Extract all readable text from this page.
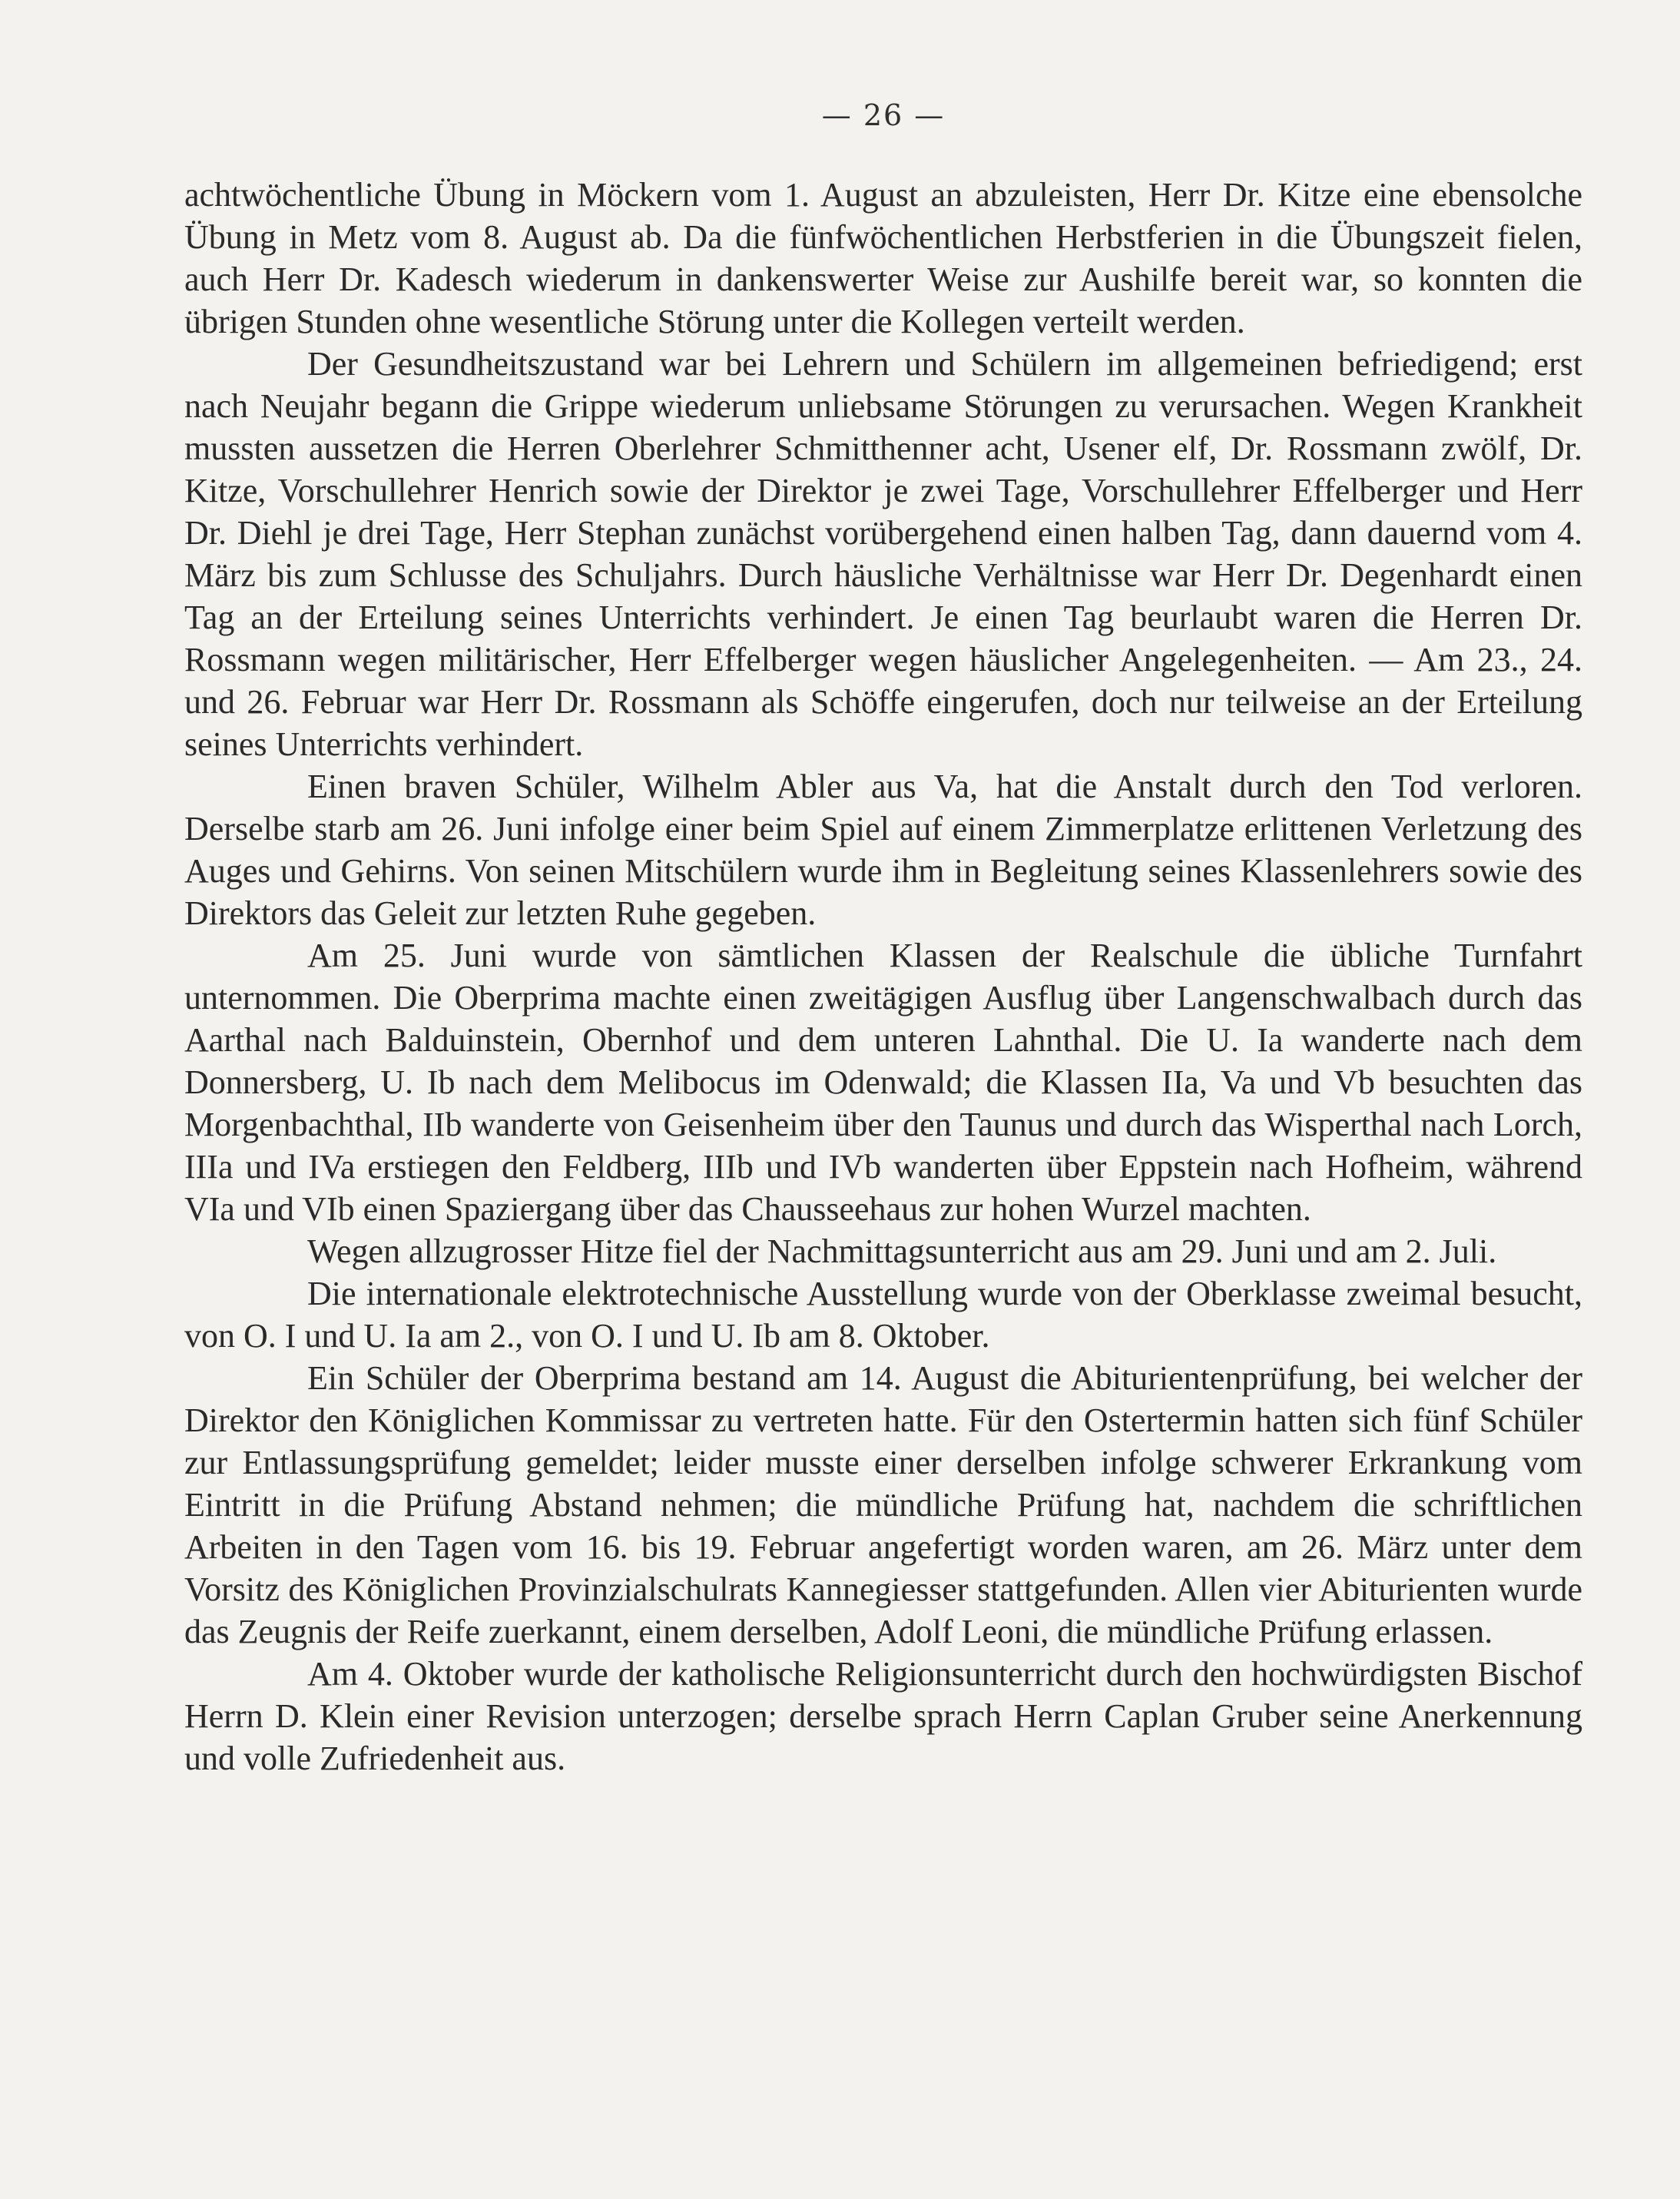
— 26 —

achtwöchentliche Übung in Möckern vom 1. August an abzuleisten, Herr Dr. Kitze eine ebensolche Übung in Metz vom 8. August ab. Da die fünfwöchentlichen Herbstferien in die Übungszeit fielen, auch Herr Dr. Kadesch wiederum in dankenswerter Weise zur Aushilfe bereit war, so konnten die übrigen Stunden ohne wesentliche Störung unter die Kollegen verteilt werden.

Der Gesundheitszustand war bei Lehrern und Schülern im allgemeinen befriedigend; erst nach Neujahr begann die Grippe wiederum unliebsame Störungen zu verursachen. Wegen Krankheit mussten aussetzen die Herren Oberlehrer Schmitthenner acht, Usener elf, Dr. Rossmann zwölf, Dr. Kitze, Vorschullehrer Henrich sowie der Direktor je zwei Tage, Vorschullehrer Effelberger und Herr Dr. Diehl je drei Tage, Herr Stephan zunächst vorübergehend einen halben Tag, dann dauernd vom 4. März bis zum Schlusse des Schuljahrs. Durch häusliche Verhältnisse war Herr Dr. Degenhardt einen Tag an der Erteilung seines Unterrichts verhindert. Je einen Tag beurlaubt waren die Herren Dr. Rossmann wegen militärischer, Herr Effelberger wegen häuslicher Angelegenheiten. — Am 23., 24. und 26. Februar war Herr Dr. Rossmann als Schöffe eingerufen, doch nur teilweise an der Erteilung seines Unterrichts verhindert.

Einen braven Schüler, Wilhelm Abler aus Va, hat die Anstalt durch den Tod verloren. Derselbe starb am 26. Juni infolge einer beim Spiel auf einem Zimmerplatze erlittenen Verletzung des Auges und Gehirns. Von seinen Mitschülern wurde ihm in Begleitung seines Klassenlehrers sowie des Direktors das Geleit zur letzten Ruhe gegeben.

Am 25. Juni wurde von sämtlichen Klassen der Realschule die übliche Turnfahrt unternommen. Die Oberprima machte einen zweitägigen Ausflug über Langenschwalbach durch das Aarthal nach Balduinstein, Obernhof und dem unteren Lahnthal. Die U. Ia wanderte nach dem Donnersberg, U. Ib nach dem Melibocus im Odenwald; die Klassen IIa, Va und Vb besuchten das Morgenbachthal, IIb wanderte von Geisenheim über den Taunus und durch das Wisperthal nach Lorch, IIIa und IVa erstiegen den Feldberg, IIIb und IVb wanderten über Eppstein nach Hofheim, während VIa und VIb einen Spaziergang über das Chausseehaus zur hohen Wurzel machten.

Wegen allzugrosser Hitze fiel der Nachmittagsunterricht aus am 29. Juni und am 2. Juli.

Die internationale elektrotechnische Ausstellung wurde von der Oberklasse zweimal besucht, von O. I und U. Ia am 2., von O. I und U. Ib am 8. Oktober.

Ein Schüler der Oberprima bestand am 14. August die Abiturientenprüfung, bei welcher der Direktor den Königlichen Kommissar zu vertreten hatte. Für den Ostertermin hatten sich fünf Schüler zur Entlassungsprüfung gemeldet; leider musste einer derselben infolge schwerer Erkrankung vom Eintritt in die Prüfung Abstand nehmen; die mündliche Prüfung hat, nachdem die schriftlichen Arbeiten in den Tagen vom 16. bis 19. Februar angefertigt worden waren, am 26. März unter dem Vorsitz des Königlichen Provinzialschulrats Kannegiesser stattgefunden. Allen vier Abiturienten wurde das Zeugnis der Reife zuerkannt, einem derselben, Adolf Leoni, die mündliche Prüfung erlassen.

Am 4. Oktober wurde der katholische Religionsunterricht durch den hochwürdigsten Bischof Herrn D. Klein einer Revision unterzogen; derselbe sprach Herrn Caplan Gruber seine Anerkennung und volle Zufriedenheit aus.
